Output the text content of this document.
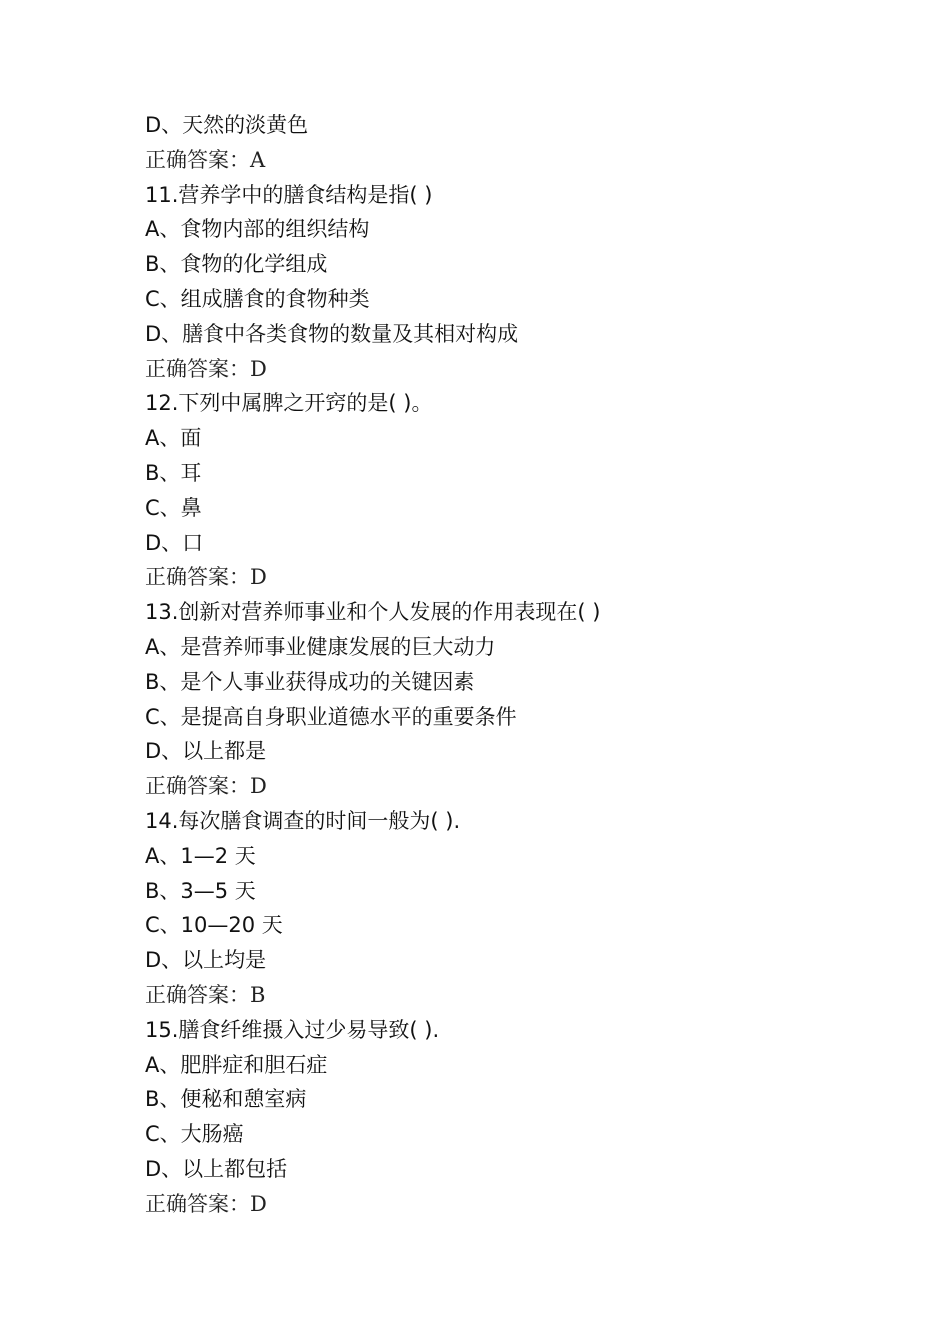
D、天然的淡黄色
正确答案：A
11.营养学中的膳食结构是指( )
A、食物内部的组织结构
B、食物的化学组成
C、组成膳食的食物种类
D、膳食中各类食物的数量及其相对构成
正确答案：D
12.下列中属脾之开窍的是( )。
A、面
B、耳
C、鼻
D、口
正确答案：D
13.创新对营养师事业和个人发展的作用表现在( )
A、是营养师事业健康发展的巨大动力
B、是个人事业获得成功的关键因素
C、是提高自身职业道德水平的重要条件
D、以上都是
正确答案：D
14.每次膳食调查的时间一般为( ).
A、1—2 天
B、3—5 天
C、10—20 天
D、以上均是
正确答案：B
15.膳食纤维摄入过少易导致( ).
A、肥胖症和胆石症
B、便秘和憩室病
C、大肠癌
D、以上都包括
正确答案：D
